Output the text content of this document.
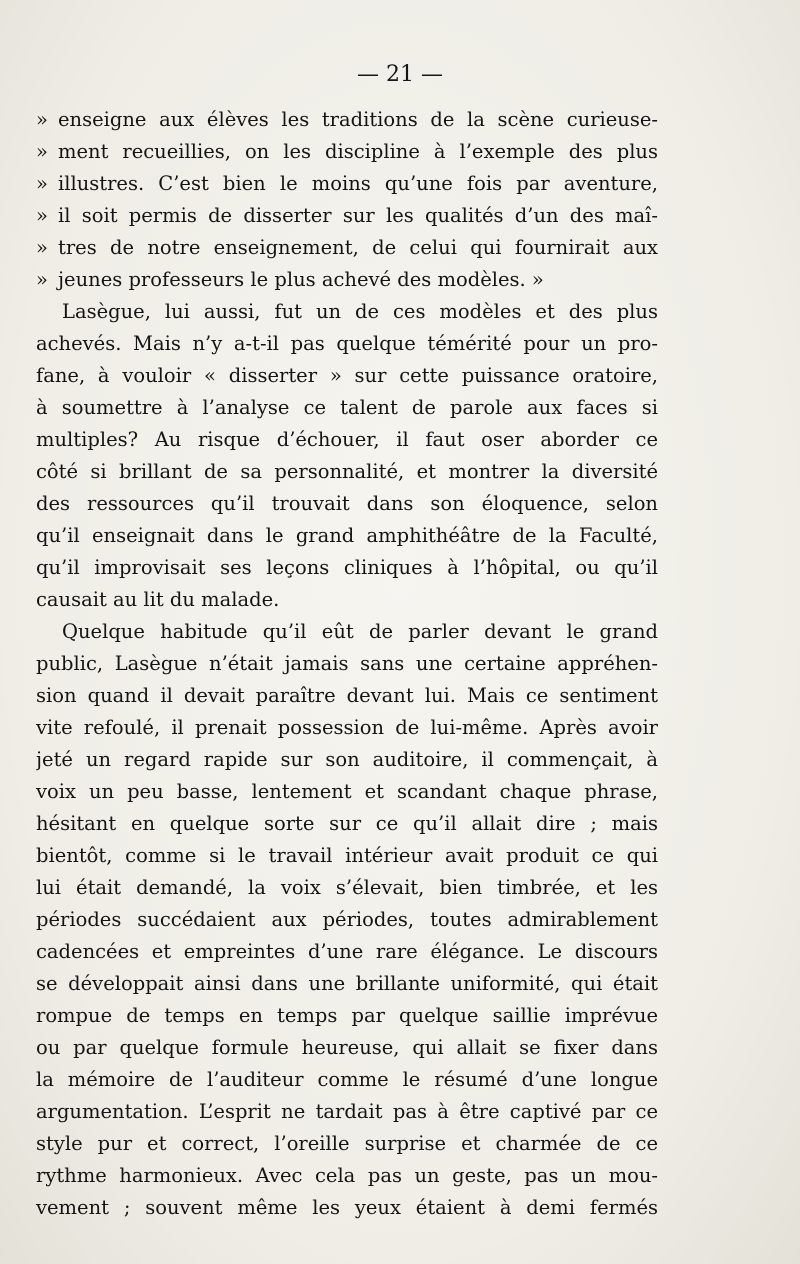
— 21 —
» enseigne aux élèves les traditions de la scène curieuse-
» ment recueillies, on les discipline à l’exemple des plus
» illustres. C’est bien le moins qu’une fois par aventure,
» il soit permis de disserter sur les qualités d’un des maî-
» tres de notre enseignement, de celui qui fournirait aux
» jeunes professeurs le plus achevé des modèles. »
Lasègue, lui aussi, fut un de ces modèles et des plus
achevés. Mais n’y a-t-il pas quelque témérité pour un pro-
fane, à vouloir « disserter » sur cette puissance oratoire,
à soumettre à l’analyse ce talent de parole aux faces si
multiples? Au risque d’échouer, il faut oser aborder ce
côté si brillant de sa personnalité, et montrer la diversité
des ressources qu’il trouvait dans son éloquence, selon
qu’il enseignait dans le grand amphithéâtre de la Faculté,
qu’il improvisait ses leçons cliniques à l’hôpital, ou qu’il
causait au lit du malade.
Quelque habitude qu’il eût de parler devant le grand
public, Lasègue n’était jamais sans une certaine appréhen-
sion quand il devait paraître devant lui. Mais ce sentiment
vite refoulé, il prenait possession de lui-même. Après avoir
jeté un regard rapide sur son auditoire, il commençait, à
voix un peu basse, lentement et scandant chaque phrase,
hésitant en quelque sorte sur ce qu’il allait dire ; mais
bientôt, comme si le travail intérieur avait produit ce qui
lui était demandé, la voix s’élevait, bien timbrée, et les
périodes succédaient aux périodes, toutes admirablement
cadencées et empreintes d’une rare élégance. Le discours
se développait ainsi dans une brillante uniformité, qui était
rompue de temps en temps par quelque saillie imprévue
ou par quelque formule heureuse, qui allait se fixer dans
la mémoire de l’auditeur comme le résumé d’une longue
argumentation. L’esprit ne tardait pas à être captivé par ce
style pur et correct, l’oreille surprise et charmée de ce
rythme harmonieux. Avec cela pas un geste, pas un mou-
vement ; souvent même les yeux étaient à demi fermés
